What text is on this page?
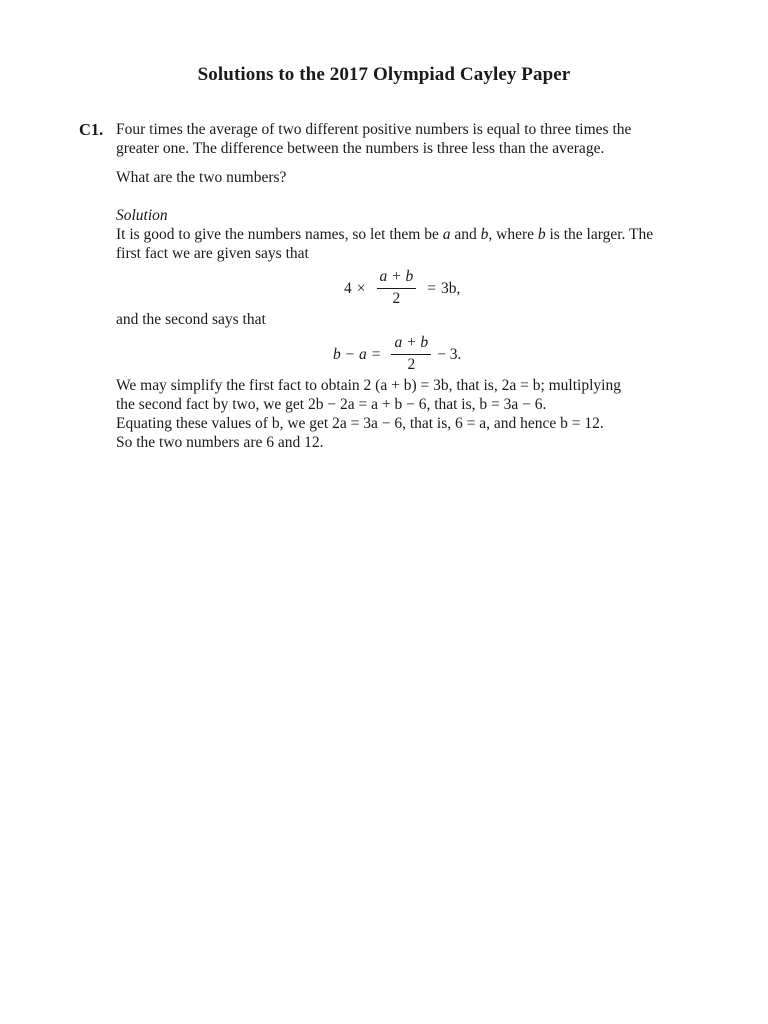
Solutions to the 2017 Olympiad Cayley Paper
C1. Four times the average of two different positive numbers is equal to three times the

greater one. The difference between the numbers is three less than the average.

What are the two numbers?
Solution

It is good to give the numbers names, so let them be a and b, where b is the larger. The

first fact we are given says that

$4 \times \frac{a + b}{2} = 3b$,
and the second says that
$b - a = \frac{a + b}{2} - 3$.

We may simplify the first fact to obtain 2 (a + b) = 3b, that is, 2a = b; multiplying

the second fact by two, we get 2b − 2a = a + b − 6, that is, b = 3a − 6.

Equating these values of b, we get 2a = 3a − 6, that is, 6 = a, and hence b = 12.

So the two numbers are 6 and 12.
